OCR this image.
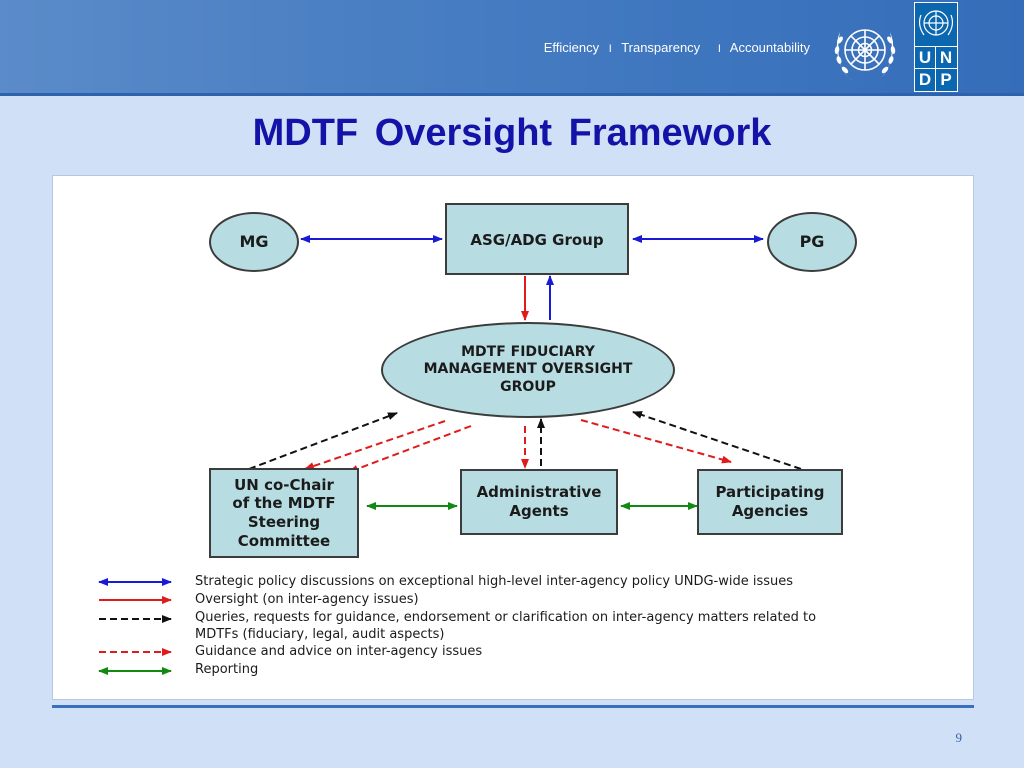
Efficiency I Transparency I Accountability
U N
D P
MDTF Oversight Framework
MG	ASG/ADG Group	PG
MDTF FIDUCIARY
MANAGEMENT OVERSIGHT
GROUP
UN co-Chair
of the MDTF
Steering
Committee
Administrative
Agents
Participating
Agencies
Strategic policy discussions on exceptional high-level inter-agency policy UNDG-wide issues
Oversight (on inter-agency issues)
Queries, requests for guidance, endorsement or clarification on inter-agency matters related to
MDTFs (fiduciary, legal, audit aspects)
Guidance and advice on inter-agency issues
Reporting
9
